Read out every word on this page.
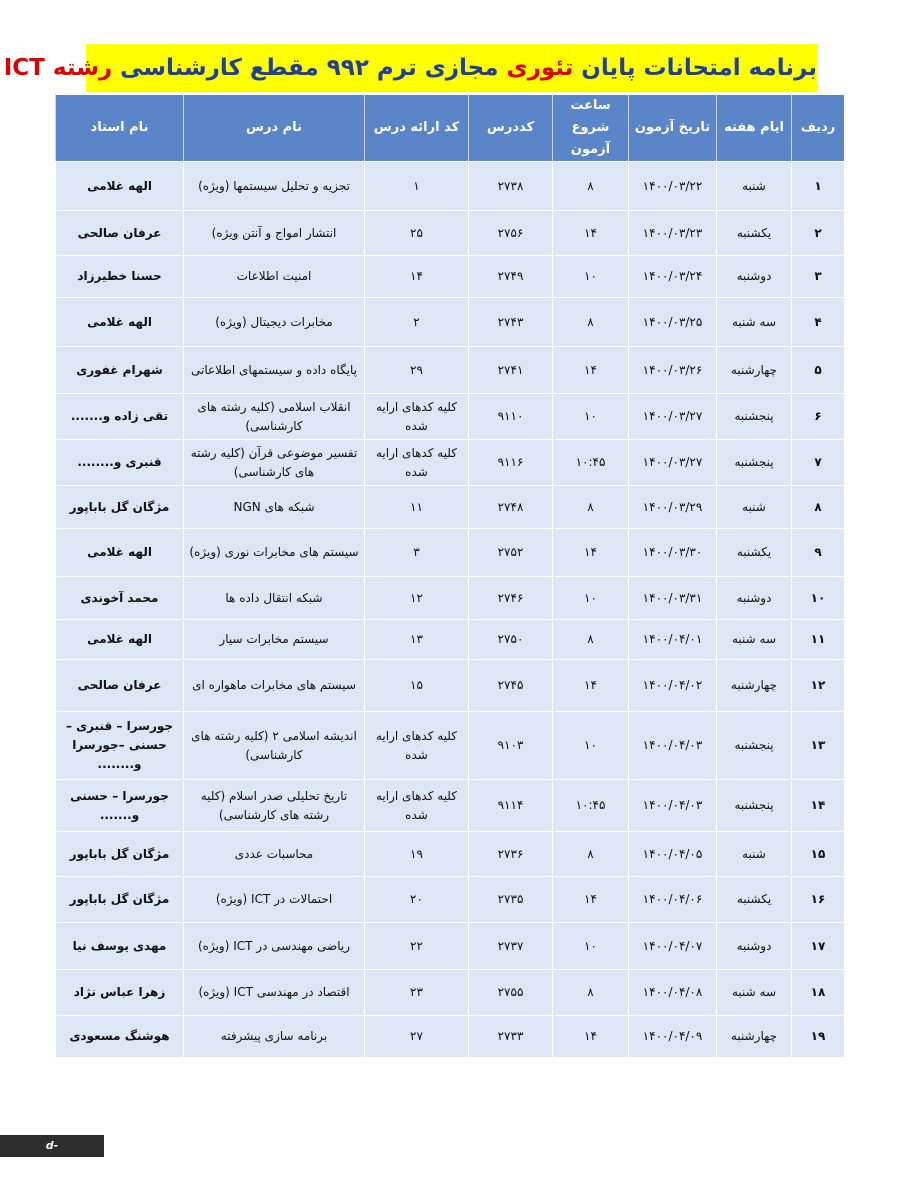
برنامه امتحانات پایان تئوری مجازی ترم ۹۹۲ مقطع کارشناسی رشته ICT
ردیف	ایام هفته	تاریخ آزمون	ساعت شروع آزمون	کددرس	کد ارائه درس	نام درس	نام استاد
۱	شنبه	۱۴۰۰/۰۳/۲۲	۸	۲۷۳۸	۱	تجزیه و تحلیل سیستمها (ویژه)	الهه غلامی
۲	یکشنبه	۱۴۰۰/۰۳/۲۳	۱۴	۲۷۵۶	۲۵	انتشار امواج و آنتن ویژه)	عرفان صالحی
۳	دوشنبه	۱۴۰۰/۰۳/۲۴	۱۰	۲۷۴۹	۱۴	امنیت اطلاعات	حسنا خطیرزاد
۴	سه شنبه	۱۴۰۰/۰۳/۲۵	۸	۲۷۴۳	۲	مخابرات دیجیتال (ویژه)	الهه غلامی
۵	چهارشنبه	۱۴۰۰/۰۳/۲۶	۱۴	۲۷۴۱	۲۹	پایگاه داده و سیستمهای اطلاعاتی	شهرام غفوری
۶	پنجشنبه	۱۴۰۰/۰۳/۲۷	۱۰	۹۱۱۰	کلیه کدهای ارایه شده	انقلاب اسلامی (کلیه رشته های کارشناسی)	تقی زاده و.......
۷	پنجشنبه	۱۴۰۰/۰۳/۲۷	۱۰:۴۵	۹۱۱۶	کلیه کدهای ارایه شده	تفسیر موضوعی قرآن (کلیه رشته های کارشناسی)	قنبری و........
۸	شنبه	۱۴۰۰/۰۳/۲۹	۸	۲۷۴۸	۱۱	شبکه های NGN	مژگان گل باباپور
۹	یکشنبه	۱۴۰۰/۰۳/۳۰	۱۴	۲۷۵۲	۳	سیستم های مخابرات نوری (ویژه)	الهه غلامی
۱۰	دوشنبه	۱۴۰۰/۰۳/۳۱	۱۰	۲۷۴۶	۱۲	شبکه انتقال داده ها	محمد آخوندی
۱۱	سه شنبه	۱۴۰۰/۰۴/۰۱	۸	۲۷۵۰	۱۳	سیستم مخابرات سیار	الهه غلامی
۱۲	چهارشنبه	۱۴۰۰/۰۴/۰۲	۱۴	۲۷۴۵	۱۵	سیستم های مخابرات ماهواره ای	عرفان صالحی
۱۳	پنجشنبه	۱۴۰۰/۰۴/۰۳	۱۰	۹۱۰۳	کلیه کدهای ارایه شده	اندیشه اسلامی ۲ (کلیه رشته های کارشناسی)	جورسرا – قنبری – حسنی –جورسرا و........
۱۴	پنجشنبه	۱۴۰۰/۰۴/۰۳	۱۰:۴۵	۹۱۱۴	کلیه کدهای ارایه شده	تاریخ تحلیلی صدر اسلام (کلیه رشته های کارشناسی)	جورسرا – حسنی و.......
۱۵	شنبه	۱۴۰۰/۰۴/۰۵	۸	۲۷۳۶	۱۹	محاسبات عددی	مژگان گل باباپور
۱۶	یکشنبه	۱۴۰۰/۰۴/۰۶	۱۴	۲۷۳۵	۲۰	احتمالات در ICT (ویژه)	مژگان گل باباپور
۱۷	دوشنبه	۱۴۰۰/۰۴/۰۷	۱۰	۲۷۳۷	۲۲	ریاضی مهندسی در ICT (ویژه)	مهدی یوسف نیا
۱۸	سه شنبه	۱۴۰۰/۰۴/۰۸	۸	۲۷۵۵	۲۳	اقتصاد در مهندسی ICT (ویژه)	زهرا عباس نژاد
۱۹	چهارشنبه	۱۴۰۰/۰۴/۰۹	۱۴	۲۷۳۳	۲۷	برنامه سازی پیشرفته	هوشنگ مسعودی
d-babol.nus.ac.ir
